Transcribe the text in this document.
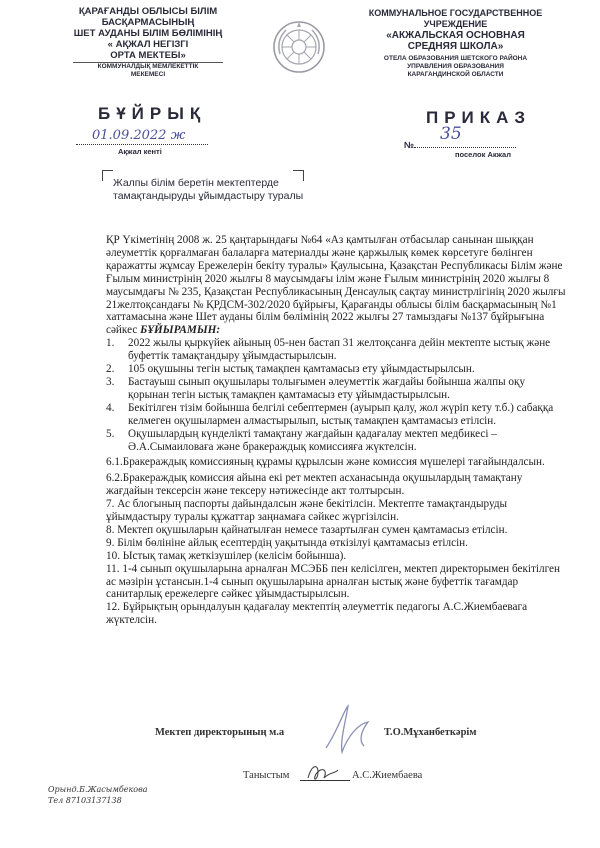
ҚАРАҒАНДЫ ОБЛЫСЫ БІЛІМ
БАСҚАРМАСЫНЫҢ
ШЕТ АУДАНЫ БІЛІМ БӨЛІМІНІҢ
« АҚЖАЛ НЕГІЗГІ
ОРТА МЕКТЕБІ»
КОММУНАЛДЫҚ МЕМЛЕКЕТТІК
МЕКЕМЕСІ
КОММУНАЛЬНОЕ ГОСУДАРСТВЕННОЕ
УЧРЕЖДЕНИЕ
«АКЖАЛЬСКАЯ ОСНОВНАЯ
СРЕДНЯЯ ШКОЛА»
ОТЕЛА ОБРАЗОВАНИЯ ШЕТСКОГО РАЙОНА
УПРАВЛЕНИЯ ОБРАЗОВАНИЯ
КАРАГАНДИНСКОЙ ОБЛАСТИ
БҰЙРЫҚ	ПРИКАЗ
01.09.2022 ж
Ақжал кенті
№
35
поселок Акжал
Жалпы білім беретін мектептерде тамақтандыруды ұйымдастыру туралы

ҚР Үкіметінің 2008 ж. 25 қаңтарындағы №64 «Аз қамтылған отбасылар санынан шыққан әлеуметтік қорғалмаған балаларға материалды және қаржылық көмек көрсетуге бөлінген қаражатты жұмсау Ережелерін бекіту туралы» Қаулысына, Қазақстан Республикасы Білім және Ғылым министрінің 2020 жылғы 8 маусымдағы ілім және Ғылым министрінің 2020 жылғы 8 маусымдағы № 235, Қазақстан Республикасының Денсаулық сақтау министрлігінің 2020 жылғы 21желтоқсандағы № ҚРДСМ-302/2020 бұйрығы, Қарағанды облысы білім басқармасының №1 хаттамасына және Шет ауданы білім бөлімінің 2022 жылғы 27 тамыздағы №137 бұйрығына сәйкес БҰЙЫРАМЫН:

1. 2022 жылы қыркүйек айының 05-нен бастап 31 желтоқсанға дейін мектепте ыстық және буфеттік тамақтандыру ұйымдастырылсын.
2. 105 оқушыны тегін ыстық тамақпен қамтамасыз ету ұйымдастырылсын.
3. Бастауыш сынып оқушылары толығымен әлеуметтік жағдайы бойынша жалпы оқу қорынан тегін ыстық тамақпен қамтамасыз ету ұйымдастырылсын.
4. Бекітілген тізім бойынша белгілі себептермен (ауырып қалу, жол жүріп кету т.б.) сабаққа келмеген оқушылармен алмастырылып, ыстық тамақпен қамтамасыз етілсін.
5. Оқушылардың күнделікті тамақтану жағдайын қадағалау мектеп медбикесі – Ә.А.Сымаиловаға және бракераждық комиссияға жүктелсін.

6.1.Бракераждық комиссияның құрамы құрылсын және комиссия мүшелері тағайындалсын.

6.2.Бракераждық комиссия айына екі рет мектеп асханасында оқушылардың тамақтану жағдайын тексерсін және тексеру нәтижесінде акт толтырсын.

7. Ас блогының паспорты дайындалсын және бекітілсін. Мектепте тамақтандыруды ұйымдастыру туралы құжаттар заңнамаға сәйкес жүргізілсін.

8. Мектеп оқушыларын қайнатылған немесе тазартылған сумен қамтамасыз етілсін.

9. Білім бөлініне айлық есептердің уақытында өткізілуі қамтамасыз етілсін.

10. Ыстық тамақ жеткізушілер (келісім бойынша).

11. 1-4 сынып оқушыларына арналған МСЭББ пен келісілген, мектеп директорымен бекітілген ас мәзірін ұстансын.1-4 сынып оқушыларына арналған ыстық және буфеттік тағамдар санитарлық ережелерге сәйкес ұйымдастырылсын.

12. Бұйрықтың орындалуын қадағалау мектептің әлеуметтік педагогы А.С.Жиембаевага жүктелсін.

Мектеп директорының м.а	Т.О.Мұханбеткәрім
Таныстым	А.С.Жиембаева
Орынд.Б.Жасымбекова
Тел 87103137138
